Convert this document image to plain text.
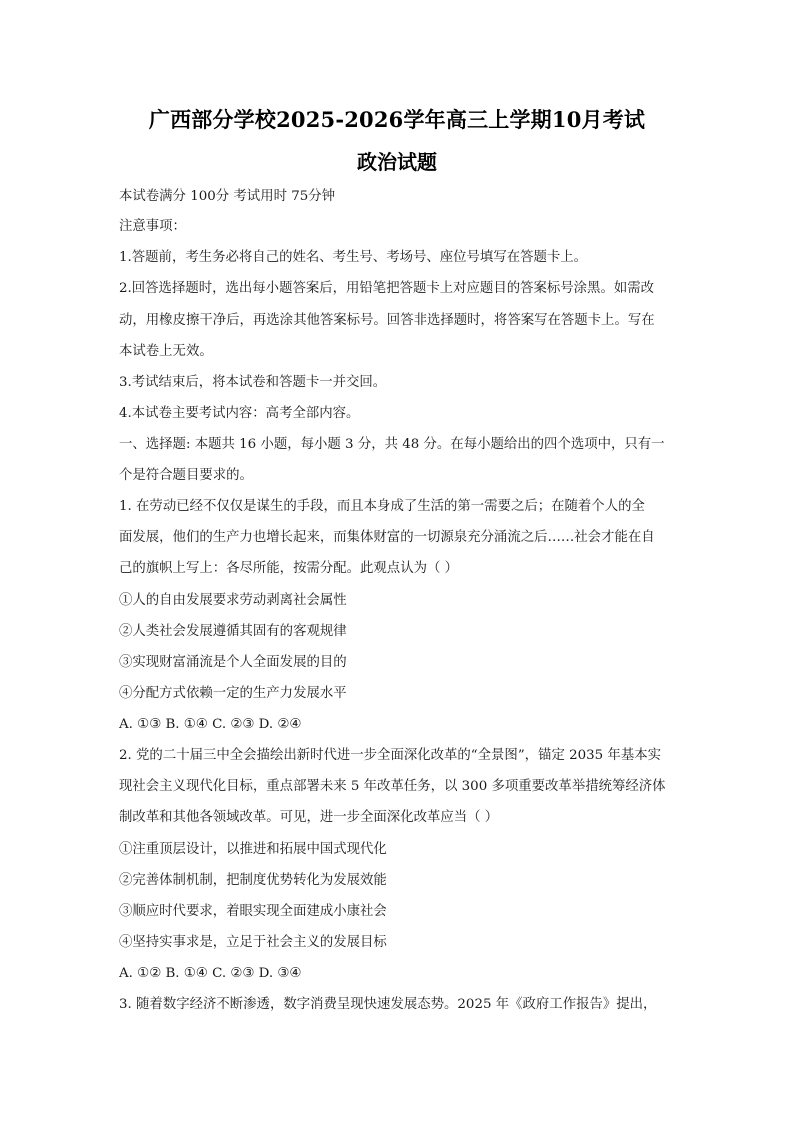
广西部分学校2025-2026学年高三上学期10月考试
政治试题
本试卷满分 100分 考试用时 75分钟
注意事项：
1.答题前，考生务必将自己的姓名、考生号、考场号、座位号填写在答题卡上。
2.回答选择题时，选出每小题答案后，用铅笔把答题卡上对应题目的答案标号涂黑。如需改
动，用橡皮擦干净后，再选涂其他答案标号。回答非选择题时，将答案写在答题卡上。写在
本试卷上无效。
3.考试结束后，将本试卷和答题卡一并交回。
4.本试卷主要考试内容：高考全部内容。
一、选择题: 本题共 16 小题，每小题 3 分，共 48 分。在每小题给出的四个选项中，只有一
个是符合题目要求的。
1. 在劳动已经不仅仅是谋生的手段，而且本身成了生活的第一需要之后；在随着个人的全
面发展，他们的生产力也增长起来，而集体财富的一切源泉充分涌流之后……社会才能在自
己的旗帜上写上：各尽所能，按需分配。此观点认为（ ）
①人的自由发展要求劳动剥离社会属性
②人类社会发展遵循其固有的客观规律
③实现财富涌流是个人全面发展的目的
④分配方式依赖一定的生产力发展水平
A. ①③ B. ①④ C. ②③ D. ②④
2. 党的二十届三中全会描绘出新时代进一步全面深化改革的“全景图”，锚定 2035 年基本实
现社会主义现代化目标，重点部署未来 5 年改革任务，以 300 多项重要改革举措统筹经济体
制改革和其他各领域改革。可见，进一步全面深化改革应当（ ）
①注重顶层设计，以推进和拓展中国式现代化
②完善体制机制，把制度优势转化为发展效能
③顺应时代要求，着眼实现全面建成小康社会
④坚持实事求是，立足于社会主义的发展目标
A. ①② B. ①④ C. ②③ D. ③④
3. 随着数字经济不断渗透，数字消费呈现快速发展态势。2025 年《政府工作报告》提出，
